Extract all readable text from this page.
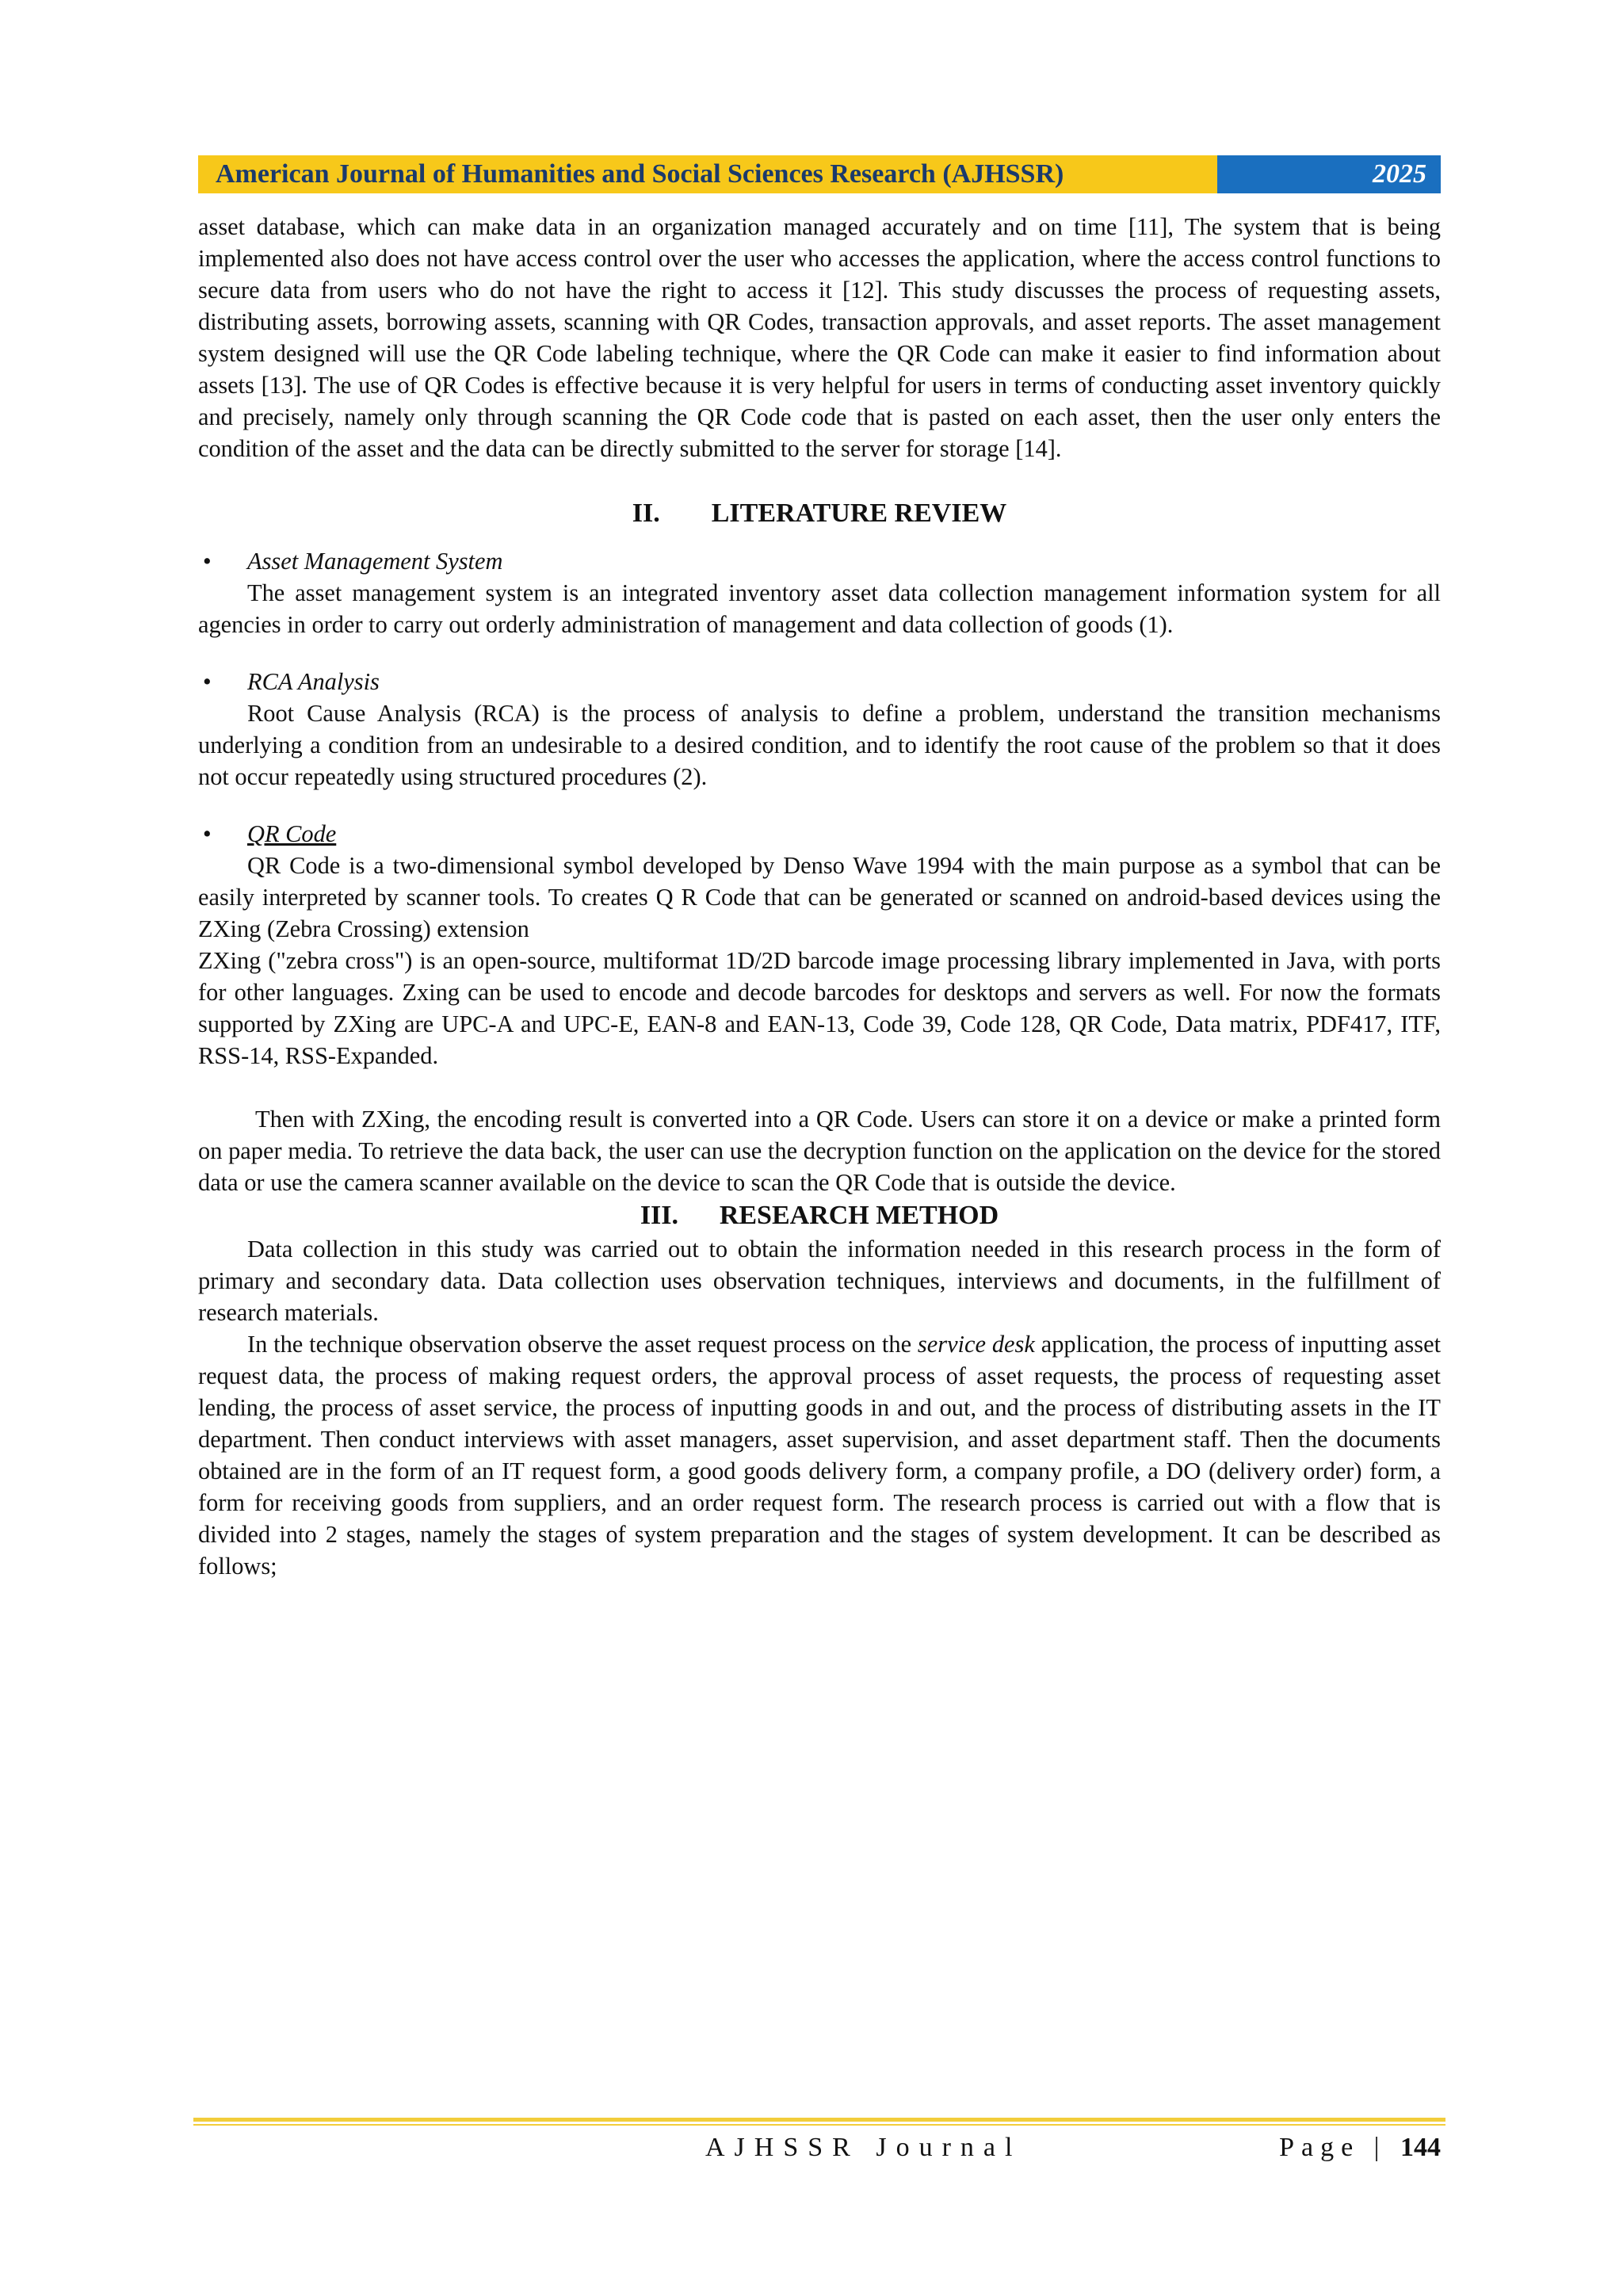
American Journal of Humanities and Social Sciences Research (AJHSSR)	2025

asset database, which can make data in an organization managed accurately and on time [11], The system that is being implemented also does not have access control over the user who accesses the application, where the access control functions to secure data from users who do not have the right to access it [12]. This study discusses the process of requesting assets, distributing assets, borrowing assets, scanning with QR Codes, transaction approvals, and asset reports. The asset management system designed will use the QR Code labeling technique, where the QR Code can make it easier to find information about assets [13]. The use of QR Codes is effective because it is very helpful for users in terms of conducting asset inventory quickly and precisely, namely only through scanning the QR Code code that is pasted on each asset, then the user only enters the condition of the asset and the data can be directly submitted to the server for storage [14].

II. LITERATURE REVIEW
• Asset Management System

The asset management system is an integrated inventory asset data collection management information system for all agencies in order to carry out orderly administration of management and data collection of goods (1).

• RCA Analysis

Root Cause Analysis (RCA) is the process of analysis to define a problem, understand the transition mechanisms underlying a condition from an undesirable to a desired condition, and to identify the root cause of the problem so that it does not occur repeatedly using structured procedures (2).

• QR Code

QR Code is a two-dimensional symbol developed by Denso Wave 1994 with the main purpose as a symbol that can be easily interpreted by scanner tools. To creates Q R Code that can be generated or scanned on android-based devices using the ZXing (Zebra Crossing) extension

ZXing ("zebra cross") is an open-source, multiformat 1D/2D barcode image processing library implemented in Java, with ports for other languages. Zxing can be used to encode and decode barcodes for desktops and servers as well. For now the formats supported by ZXing are UPC-A and UPC-E, EAN-8 and EAN-13, Code 39, Code 128, QR Code, Data matrix, PDF417, ITF, RSS-14, RSS-Expanded.

Then with ZXing, the encoding result is converted into a QR Code. Users can store it on a device or make a printed form on paper media. To retrieve the data back, the user can use the decryption function on the application on the device for the stored data or use the camera scanner available on the device to scan the QR Code that is outside the device.

III. RESEARCH METHOD

Data collection in this study was carried out to obtain the information needed in this research process in the form of primary and secondary data. Data collection uses observation techniques, interviews and documents, in the fulfillment of research materials.

In the technique observation observe the asset request process on the service desk application, the process of inputting asset request data, the process of making request orders, the approval process of asset requests, the process of requesting asset lending, the process of asset service, the process of inputting goods in and out, and the process of distributing assets in the IT department. Then conduct interviews with asset managers, asset supervision, and asset department staff. Then the documents obtained are in the form of an IT request form, a good goods delivery form, a company profile, a DO (delivery order) form, a form for receiving goods from suppliers, and an order request form. The research process is carried out with a flow that is divided into 2 stages, namely the stages of system preparation and the stages of system development. It can be described as follows;

AJHSSR Journal	Page | 144
